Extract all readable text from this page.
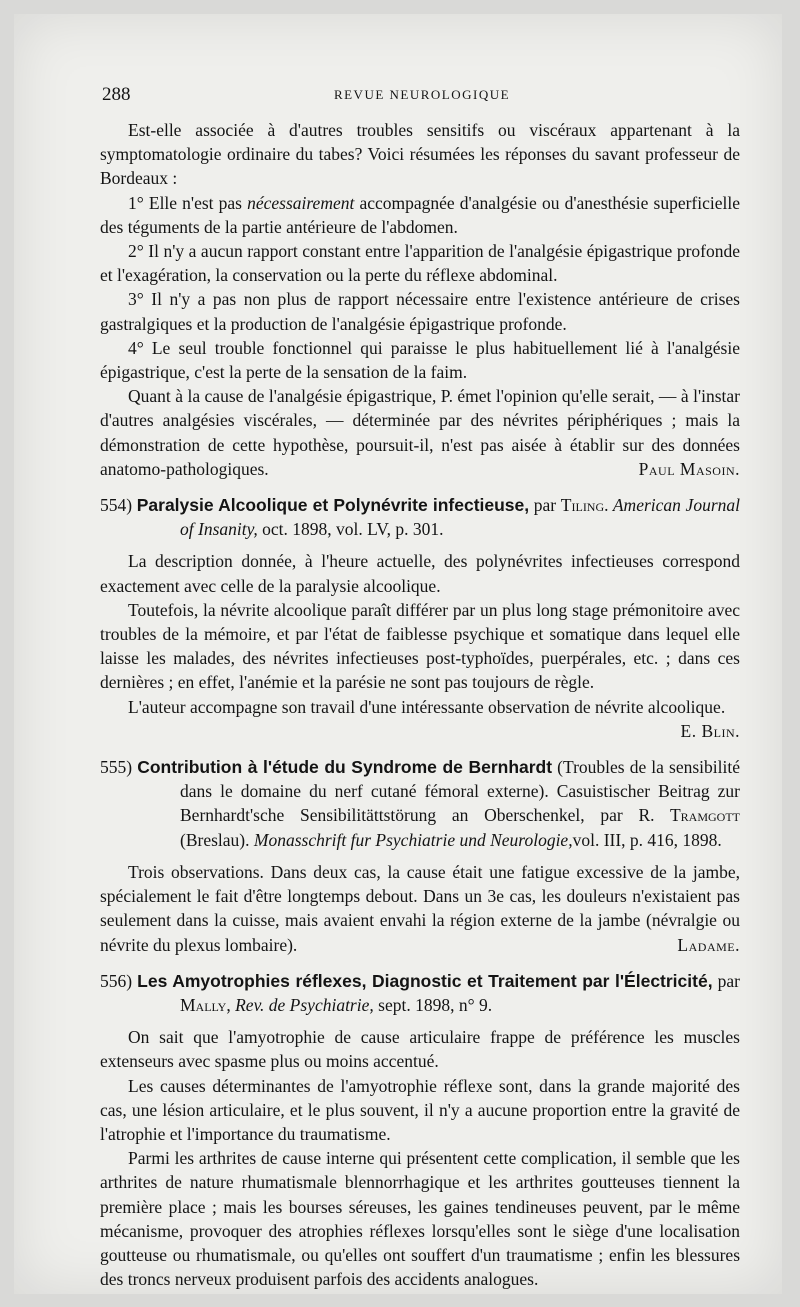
288	REVUE NEUROLOGIQUE

Est-elle associée à d'autres troubles sensitifs ou viscéraux appartenant à la symptomatologie ordinaire du tabes? Voici résumées les réponses du savant professeur de Bordeaux :

1° Elle n'est pas nécessairement accompagnée d'analgésie ou d'anesthésie superficielle des téguments de la partie antérieure de l'abdomen.

2° Il n'y a aucun rapport constant entre l'apparition de l'analgésie épigastrique profonde et l'exagération, la conservation ou la perte du réflexe abdominal.

3° Il n'y a pas non plus de rapport nécessaire entre l'existence antérieure de crises gastralgiques et la production de l'analgésie épigastrique profonde.

4° Le seul trouble fonctionnel qui paraisse le plus habituellement lié à l'analgésie épigastrique, c'est la perte de la sensation de la faim.

Quant à la cause de l'analgésie épigastrique, P. émet l'opinion qu'elle serait, — à l'instar d'autres analgésies viscérales, — déterminée par des névrites périphériques ; mais la démonstration de cette hypothèse, poursuit-il, n'est pas aisée à établir sur des données anatomo-pathologiques.	Paul Masoin.

554) Paralysie Alcoolique et Polynévrite infectieuse, par Tiling. American Journal of Insanity, oct. 1898, vol. LV, p. 301.

La description donnée, à l'heure actuelle, des polynévrites infectieuses correspond exactement avec celle de la paralysie alcoolique.

Toutefois, la névrite alcoolique paraît différer par un plus long stage prémonitoire avec troubles de la mémoire, et par l'état de faiblesse psychique et somatique dans lequel elle laisse les malades, des névrites infectieuses post-typhoïdes, puerpérales, etc. ; dans ces dernières ; en effet, l'anémie et la parésie ne sont pas toujours de règle.

L'auteur accompagne son travail d'une intéressante observation de névrite alcoolique.
E. Blin.

555) Contribution à l'étude du Syndrome de Bernhardt (Troubles de la sensibilité dans le domaine du nerf cutané fémoral externe). Casuistischer Beitrag zur Bernhardt'sche Sensibilitättstörung an Oberschenkel, par R. Tramgott (Breslau). Monasschrift fur Psychiatrie und Neurologie,vol. III, p. 416, 1898.

Trois observations. Dans deux cas, la cause était une fatigue excessive de la jambe, spécialement le fait d'être longtemps debout. Dans un 3e cas, les douleurs n'existaient pas seulement dans la cuisse, mais avaient envahi la région externe de la jambe (névralgie ou névrite du plexus lombaire).	Ladame.

556) Les Amyotrophies réflexes, Diagnostic et Traitement par l'Électricité, par Mally, Rev. de Psychiatrie, sept. 1898, n° 9.

On sait que l'amyotrophie de cause articulaire frappe de préférence les muscles extenseurs avec spasme plus ou moins accentué.

Les causes déterminantes de l'amyotrophie réflexe sont, dans la grande majorité des cas, une lésion articulaire, et le plus souvent, il n'y a aucune proportion entre la gravité de l'atrophie et l'importance du traumatisme.

Parmi les arthrites de cause interne qui présentent cette complication, il semble que les arthrites de nature rhumatismale blennorrhagique et les arthrites goutteuses tiennent la première place ; mais les bourses séreuses, les gaines tendineuses peuvent, par le même mécanisme, provoquer des atrophies réflexes lorsqu'elles sont le siège d'une localisation goutteuse ou rhumatismale, ou qu'elles ont souffert d'un traumatisme ; enfin les blessures des troncs nerveux produisent parfois des accidents analogues.
